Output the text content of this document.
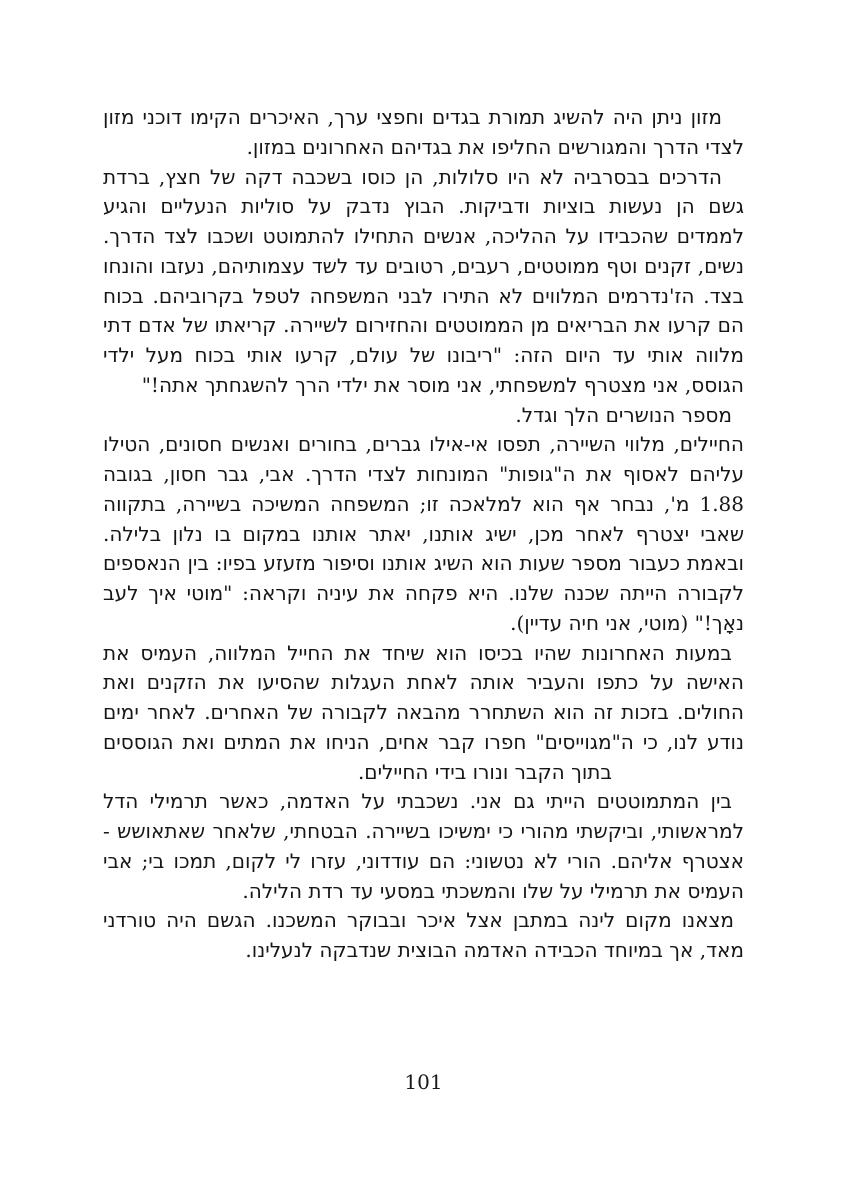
מזון ניתן היה להשיג תמורת בגדים וחפצי ערך, האיכרים הקימו דוכני מזון לצדי הדרך והמגורשים החליפו את בגדיהם האחרונים במזון.

הדרכים בבסרביה לא היו סלולות, הן כוסו בשכבה דקה של חצץ, ברדת גשם הן נעשות בוציות ודביקות. הבוץ נדבק על סוליות הנעליים והגיע לממדים שהכבידו על ההליכה, אנשים התחילו להתמוטט ושכבו לצד הדרך. נשים, זקנים וטף ממוטטים, רעבים, רטובים עד לשד עצמותיהם, נעזבו והונחו בצד. הז'נדרמים המלווים לא התירו לבני המשפחה לטפל בקרוביהם. בכוח הם קרעו את הבריאים מן הממוטטים והחזירום לשיירה. קריאתו של אדם דתי מלווה אותי עד היום הזה: "ריבונו של עולם, קרעו אותי בכוח מעל ילדי הגוסס, אני מצטרף למשפחתי, אני מוסר את ילדי הרך להשגחתך אתה!"

מספר הנושרים הלך וגדל.

החיילים, מלווי השיירה, תפסו אי-אילו גברים, בחורים ואנשים חסונים, הטילו עליהם לאסוף את ה"גופות" המונחות לצדי הדרך. אבי, גבר חסון, בגובה 1.88 מ', נבחר אף הוא למלאכה זו; המשפחה המשיכה בשיירה, בתקווה שאבי יצטרף לאחר מכן, ישיג אותנו, יאתר אותנו במקום בו נלון בלילה. ובאמת כעבור מספר שעות הוא השיג אותנו וסיפור מזעזע בפיו: בין הנאספים לקבורה הייתה שכנה שלנו. היא פקחה את עיניה וקראה: "מוטי איך לעב נאָך!" (מוטי, אני חיה עדיין).

במעות האחרונות שהיו בכיסו הוא שיחד את החייל המלווה, העמיס את האישה על כתפו והעביר אותה לאחת העגלות שהסיעו את הזקנים ואת החולים. בזכות זה הוא השתחרר מהבאה לקבורה של האחרים. לאחר ימים נודע לנו, כי ה"מגוייסים" חפרו קבר אחים, הניחו את המתים ואת הגוססים

בתוך הקבר ונורו בידי החיילים.

בין המתמוטטים הייתי גם אני. נשכבתי על האדמה, כאשר תרמילי הדל למראשותי, וביקשתי מהורי כי ימשיכו בשיירה. הבטחתי, שלאחר שאתאושש - אצטרף אליהם. הורי לא נטשוני: הם עודדוני, עזרו לי לקום, תמכו בי; אבי העמיס את תרמילי על שלו והמשכתי במסעי עד רדת הלילה.

מצאנו מקום לינה במתבן אצל איכר ובבוקר המשכנו. הגשם היה טורדני מאד, אך במיוחד הכבידה האדמה הבוצית שנדבקה לנעלינו.

101
